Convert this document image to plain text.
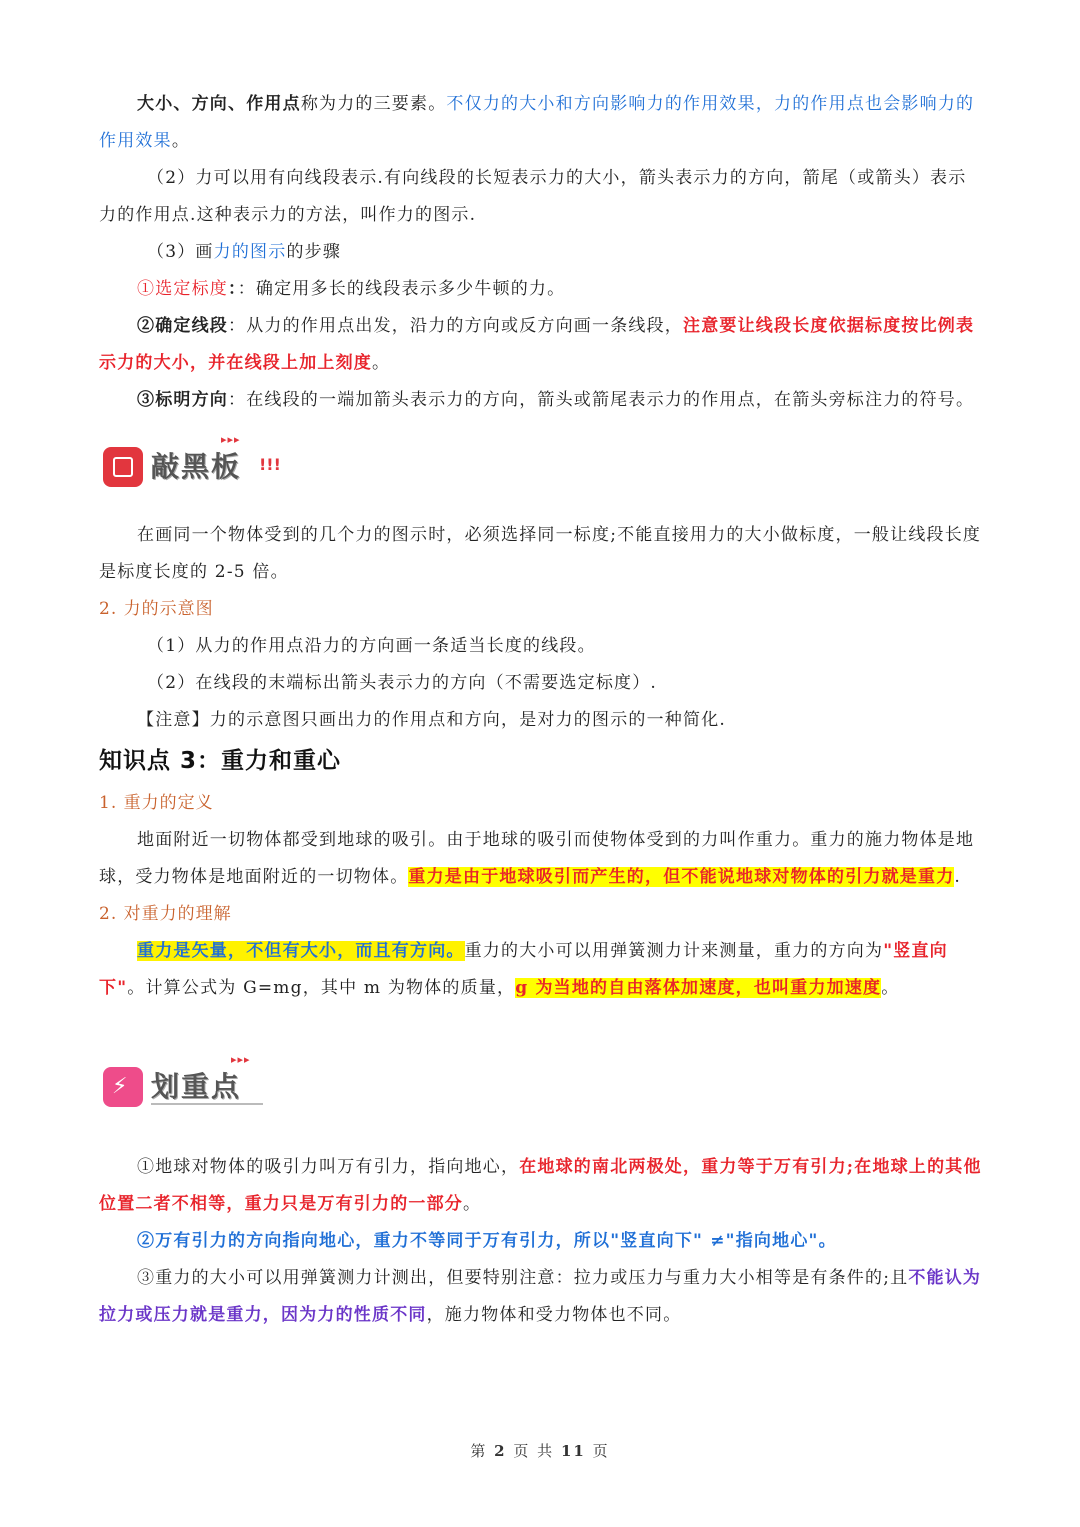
大小、方向、作用点称为力的三要素。不仅力的大小和方向影响力的作用效果，力的作用点也会影响力的作用效果。

（2）力可以用有向线段表示.有向线段的长短表示力的大小，箭头表示力的方向，箭尾（或箭头）表示力的作用点.这种表示力的方法，叫作力的图示.

（3）画力的图示的步骤

①选定标度：：确定用多长的线段表示多少牛顿的力。

②确定线段：从力的作用点出发，沿力的方向或反方向画一条线段，注意要让线段长度依据标度按比例表示力的大小，并在线段上加上刻度。

③标明方向：在线段的一端加箭头表示力的方向，箭头或箭尾表示力的作用点，在箭头旁标注力的符号。

敲黑板 !!!
▸▸▸

在画同一个物体受到的几个力的图示时，必须选择同一标度;不能直接用力的大小做标度，一般让线段长度是标度长度的 2-5 倍。

2. 力的示意图

（1）从力的作用点沿力的方向画一条适当长度的线段。

（2）在线段的末端标出箭头表示力的方向（不需要选定标度）.

【注意】力的示意图只画出力的作用点和方向，是对力的图示的一种简化.

知识点 3：重力和重心

1. 重力的定义

地面附近一切物体都受到地球的吸引。由于地球的吸引而使物体受到的力叫作重力。重力的施力物体是地球，受力物体是地面附近的一切物体。重力是由于地球吸引而产生的，但不能说地球对物体的引力就是重力.

2. 对重力的理解

重力是矢量，不但有大小，而且有方向。重力的大小可以用弹簧测力计来测量，重力的方向为"竖直向下"。计算公式为 G=mg，其中 m 为物体的质量，g 为当地的自由落体加速度，也叫重力加速度。

⚡ 划重点
▸▸▸

①地球对物体的吸引力叫万有引力，指向地心，在地球的南北两极处，重力等于万有引力;在地球上的其他位置二者不相等，重力只是万有引力的一部分。

②万有引力的方向指向地心，重力不等同于万有引力，所以"竖直向下" ≠"指向地心"。

③重力的大小可以用弹簧测力计测出，但要特别注意：拉力或压力与重力大小相等是有条件的;且不能认为拉力或压力就是重力，因为力的性质不同，施力物体和受力物体也不同。

第 2 页 共 11 页
